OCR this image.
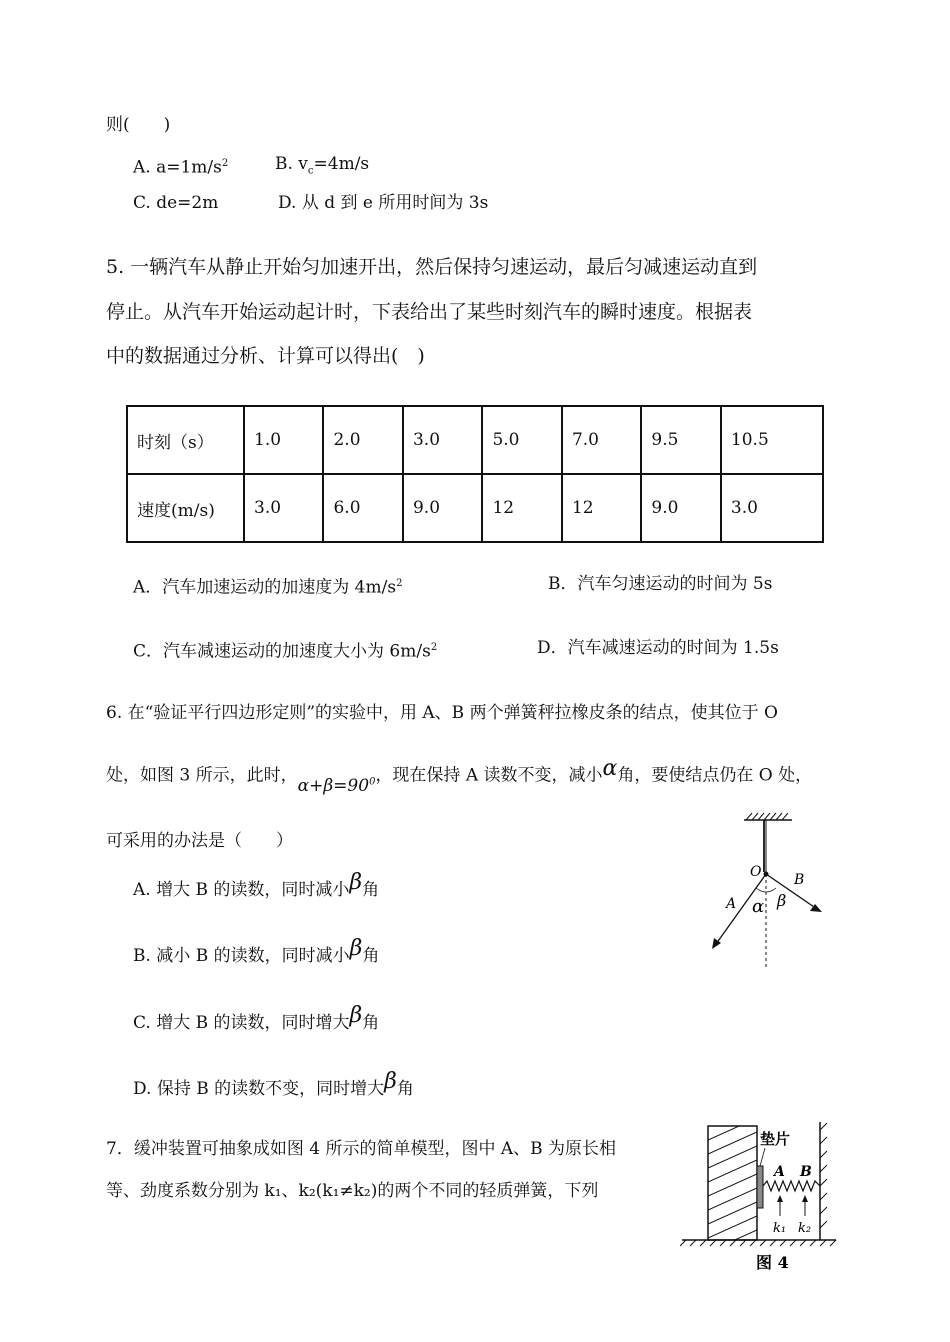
则(　　)
A. $a=1m/s^2$	B. $v_c=4m/s$
C. de=2m	D. 从 d 到 e 所用时间为 3s
5. 一辆汽车从静止开始匀加速开出，然后保持匀速运动，最后匀减速运动直到
停止。从汽车开始运动起计时，下表给出了某些时刻汽车的瞬时速度。根据表
中的数据通过分析、计算可以得出(　)
时刻（s）	1.0	2.0	3.0	5.0	7.0	9.5	10.5
速度(m/s)	3.0	6.0	9.0	12	12	9.0	3.0
A．汽车加速运动的加速度为 $4m/s^2$	B．汽车匀速运动的时间为 5s
C．汽车减速运动的加速度大小为 $6m/s^2$	D．汽车减速运动的时间为 1.5s
6. 在“验证平行四边形定则”的实验中，用 A、B 两个弹簧秤拉橡皮条的结点，使其位于 O
处，如图 3 所示，此时，$\alpha+\beta=90^0$，现在保持 A 读数不变，减小α角，要使结点仍在 O 处，
可采用的办法是（　　）
A. 增大 B 的读数，同时减小β角
B. 减小 B 的读数，同时减小β角
C. 增大 B 的读数，同时增大β角
D. 保持 B 的读数不变，同时增大β角
O B
A α β
7．缓冲装置可抽象成如图 4 所示的简单模型，图中 A、B 为原长相
等、劲度系数分别为 k₁、k₂(k₁≠k₂)的两个不同的轻质弹簧，下列
垫片
A B
k₁ k₂
图 4
